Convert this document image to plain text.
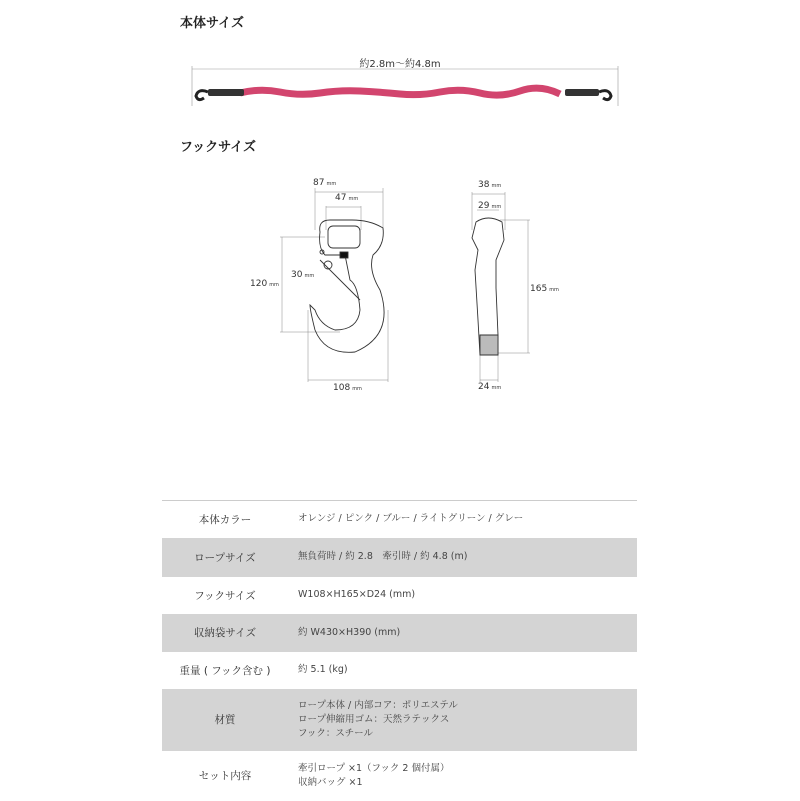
本体サイズ
約2.8m〜約4.8m
フックサイズ
87 mm
47 mm
120 mm
30 mm
108 mm
38 mm
29 mm
165 mm
24 mm
本体カラー	オレンジ / ピンク / ブルー / ライトグリーン / グレー
ロープサイズ	無負荷時 / 約 2.8　牽引時 / 約 4.8 (m)
フックサイズ	W108×H165×D24 (mm)
収納袋サイズ	約 W430×H390 (mm)
重量 ( フック含む )	約 5.1 (kg)
材質	ロープ本体 / 内部コア：ポリエステル
ロープ伸縮用ゴム：天然ラテックス
フック：スチール

セット内容	牽引ロープ ×1（フック 2 個付属）
収納バッグ ×1
